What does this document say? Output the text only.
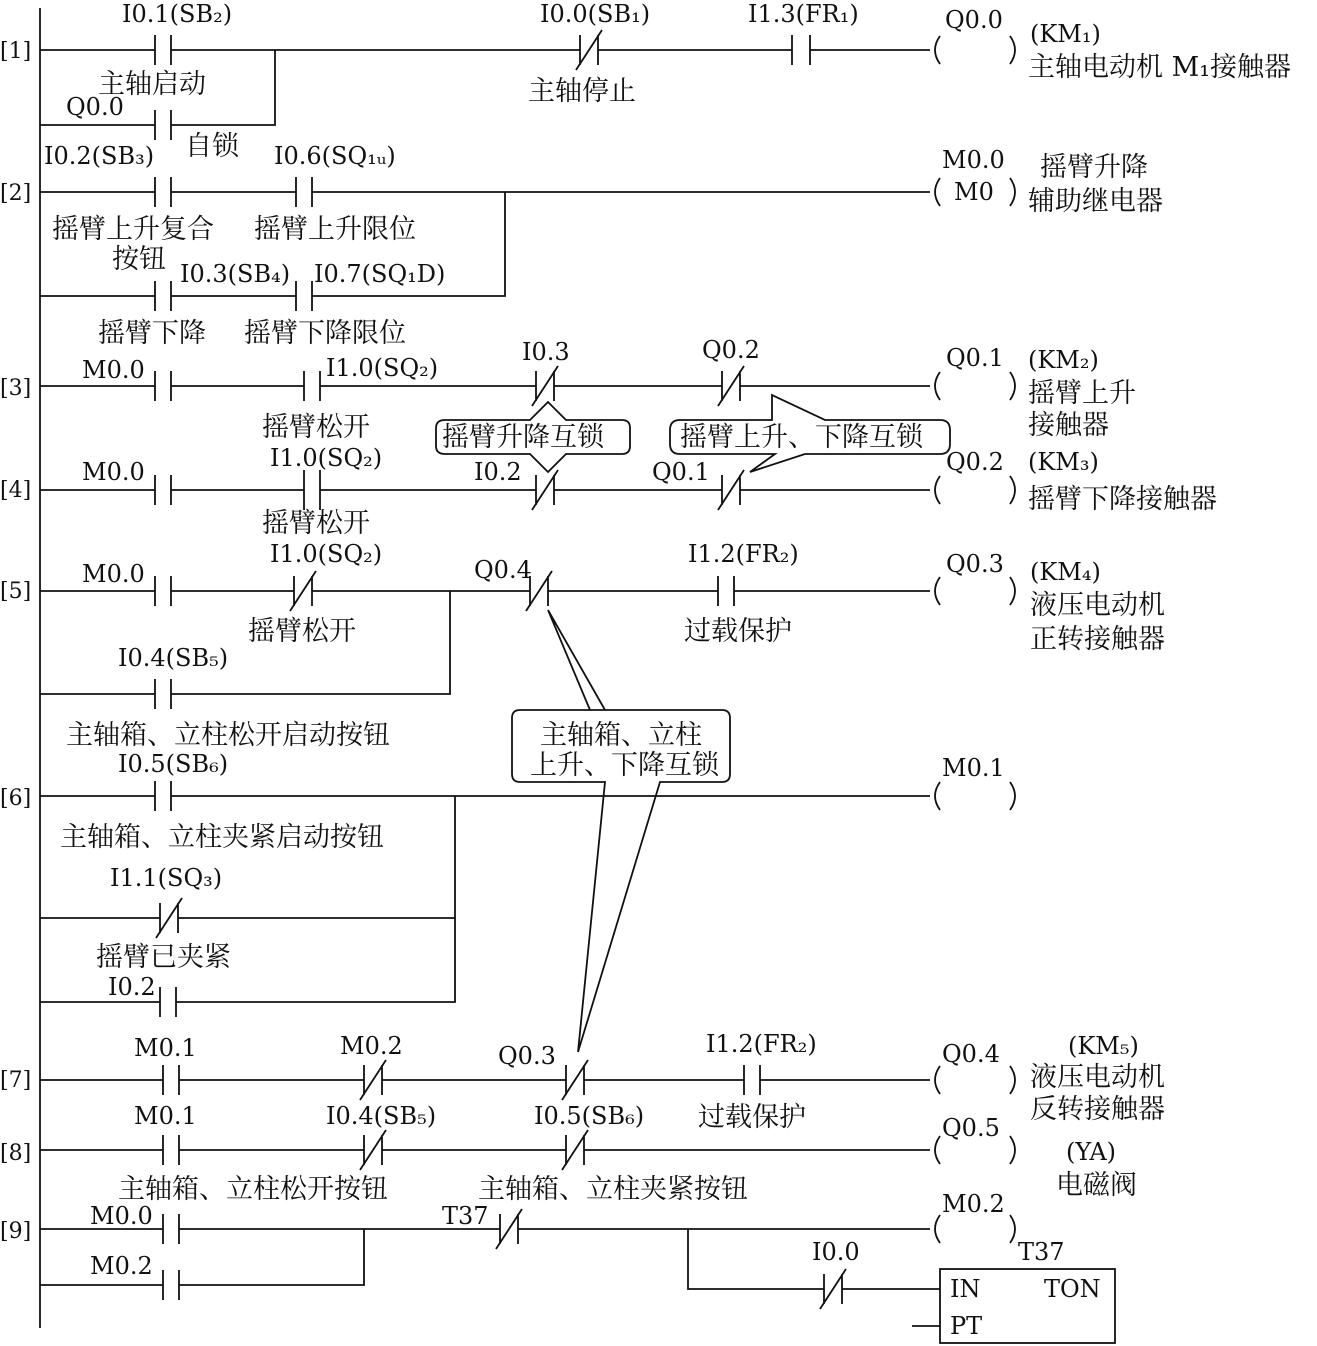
[1]
[2]
[3]
[4]
[5]
[6]
[7]
[8]
[9]
I0.1(SB₂)	I0.0(SB₁)	I1.3(FR₁)	Q0.0 (KM₁)
主轴电动机 M₁接触器
主轴启动	主轴停止
Q0.0
自锁
I0.2(SB₃)	I0.6(SQ₁ᵤ)	M0.0
M0
摇臂升降
辅助继电器
摇臂上升复合
按钮
摇臂上升限位
I0.3(SB₄) I0.7(SQ₁D)
摇臂下降 摇臂下降限位
M0.0	I1.0(SQ₂)
I0.3	Q0.2	Q0.1 (KM₂)
摇臂上升
接触器
摇臂松开	摇臂升降互锁	摇臂上升、下降互锁
M0.0	I1.0(SQ₂)	I0.2	Q0.1	Q0.2 (KM₃)
摇臂下降接触器
摇臂松开
M0.0
I1.0(SQ₂)
Q0.4
I1.2(FR₂)	Q0.3 (KM₄)
液压电动机
正转接触器
摇臂松开	过载保护
I0.4(SB₅)
主轴箱、立柱松开启动按钮	主轴箱、立柱
上升、下降互锁
I0.5(SB₆)	M0.1
主轴箱、立柱夹紧启动按钮
I1.1(SQ₃)
摇臂已夹紧
I0.2
M0.1	M0.2	Q0.3	I1.2(FR₂)	Q0.4	(KM₅)
液压电动机
反转接触器
过载保护
M0.1	I0.4(SB₅)	I0.5(SB₆)	Q0.5
(YA)
电磁阀
主轴箱、立柱松开按钮	主轴箱、立柱夹紧按钮
M0.0	T37	M0.2
M0.2	I0.0	T37
IN	TON
PT
